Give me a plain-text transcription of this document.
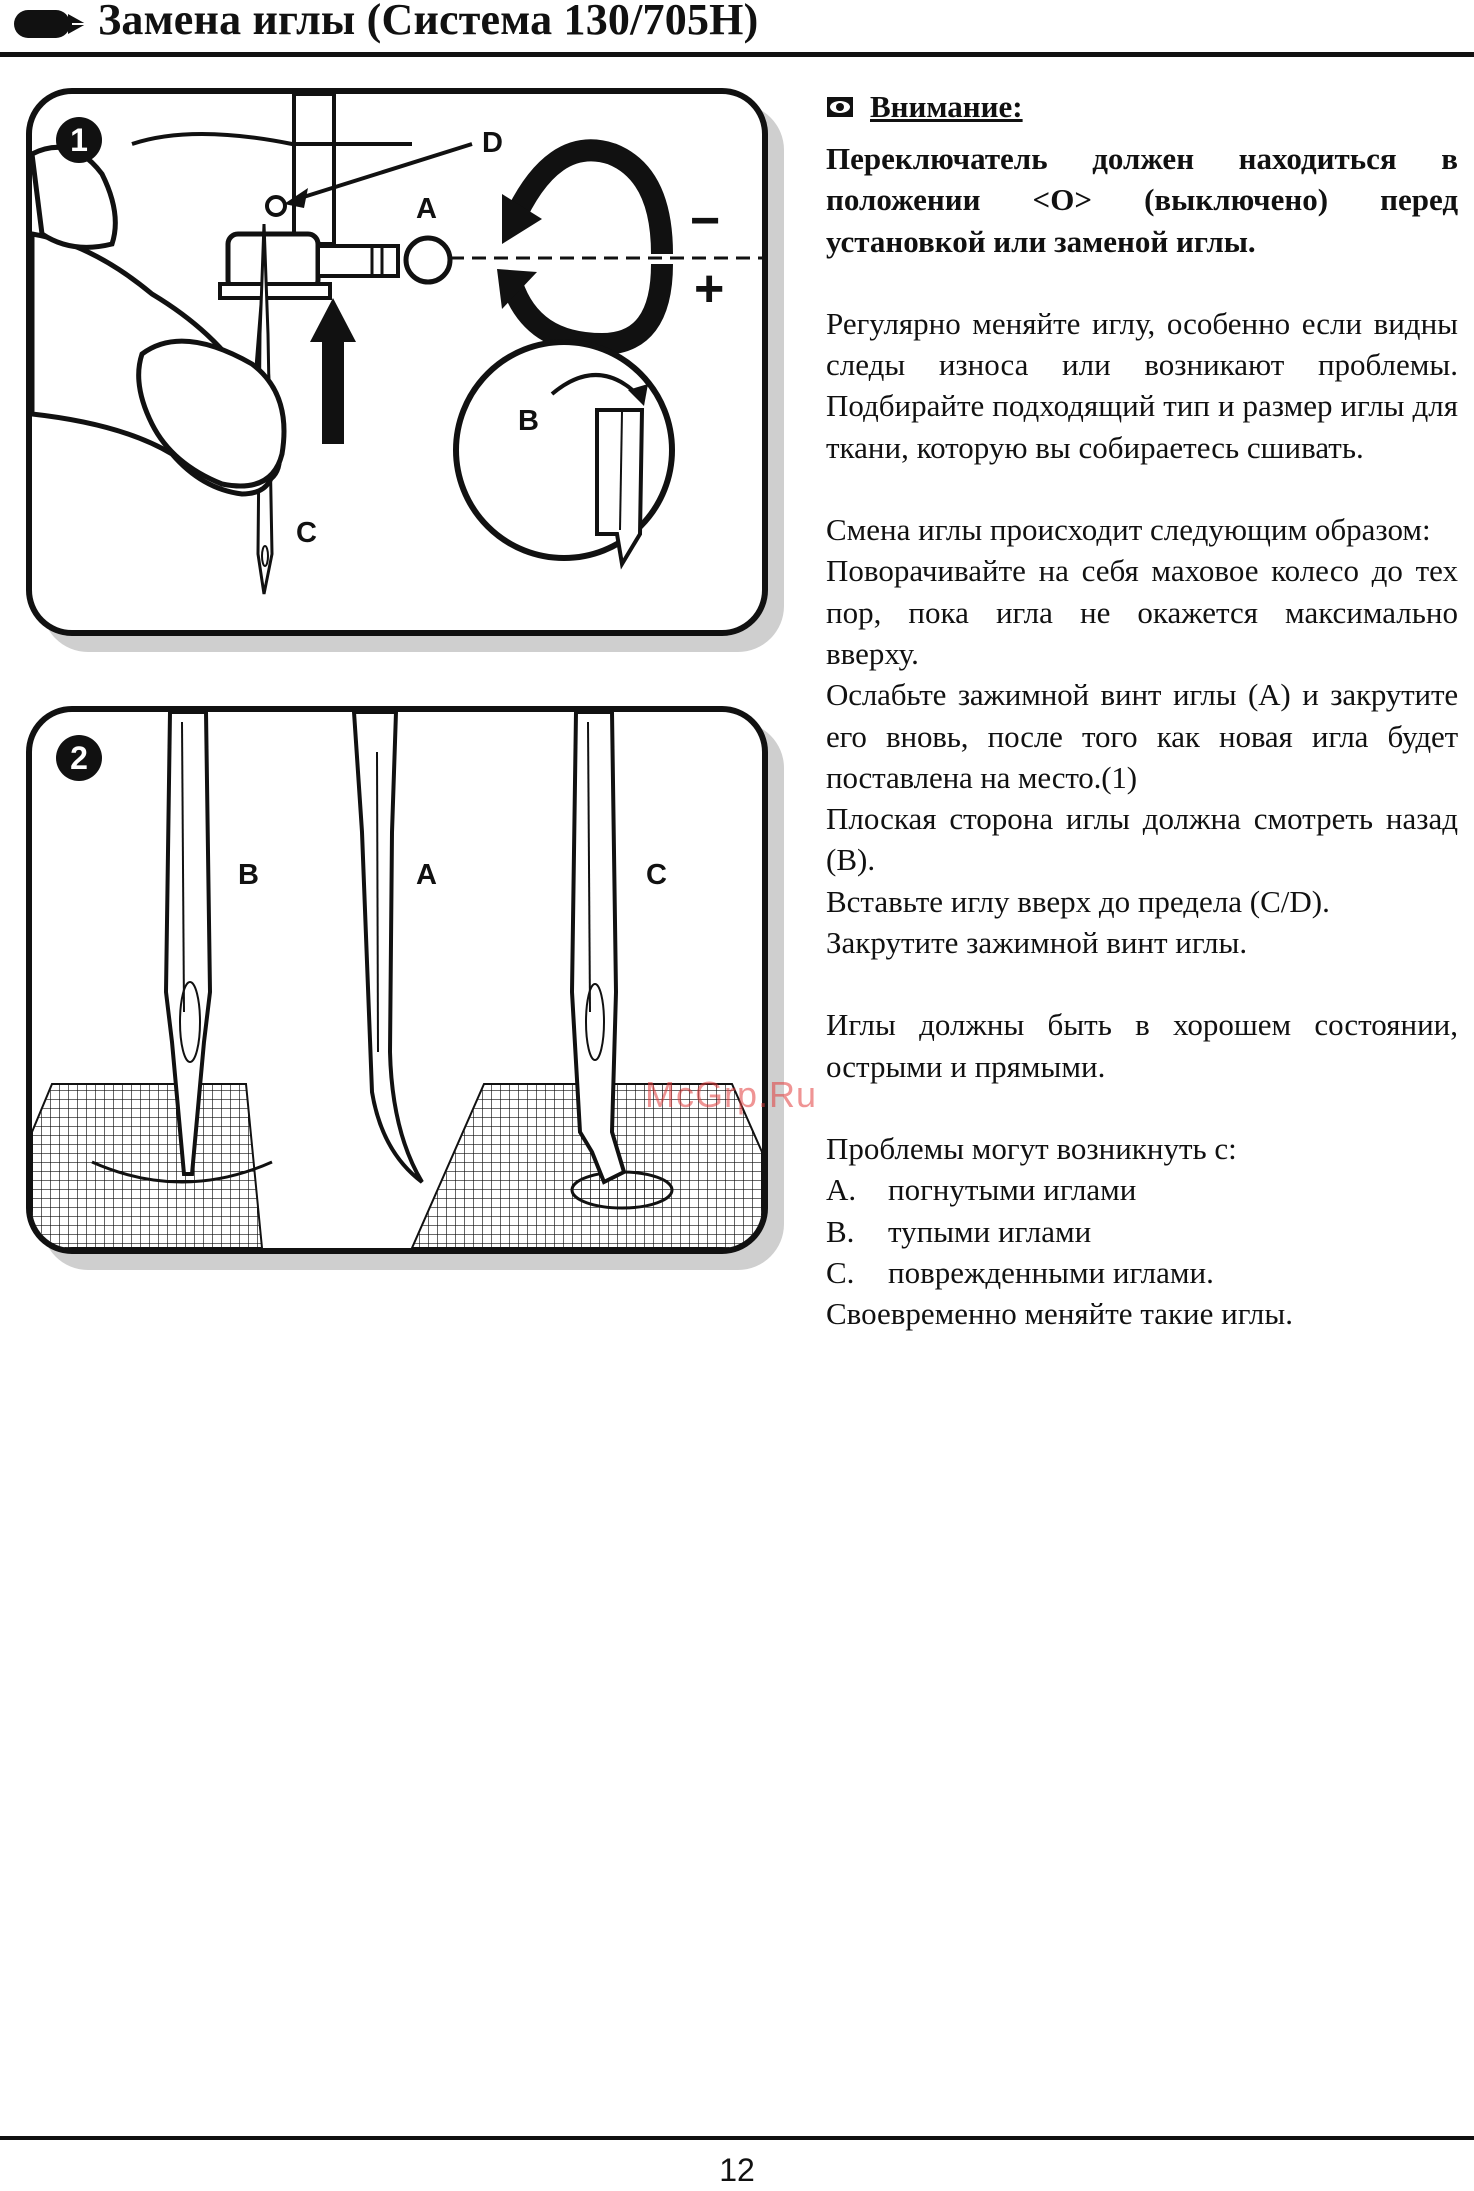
Замена иглы (Система 130/705H)
1	D
A
B
C
−
+
2
B	A	C
Внимание:

Переключатель должен находиться в положении <O> (выключено) перед установкой или заменой иглы.

Регулярно меняйте иглу, особенно если видны следы износа или возникают проблемы. Подбирайте подходящий тип и размер иглы для ткани, которую вы собираетесь сшивать.

Смена иглы происходит следующим образом:

Поворачивайте на себя маховое колесо до тех пор, пока игла не окажется максимально вверху.

Ослабьте зажимной винт иглы (А) и закрутите его вновь, после того как новая игла будет поставлена на место.(1)

Плоская сторона иглы должна смотреть назад (В).

Вставьте иглу вверх до предела (C/D).

Закрутите зажимной винт иглы.

Иглы должны быть в хорошем состоянии, острыми и прямыми.

Проблемы могут возникнуть с:

A.	погнутыми иглами
B.	тупыми иглами
C.	поврежденными иглами.

Своевременно меняйте такие иглы.

McGrp.Ru
12
